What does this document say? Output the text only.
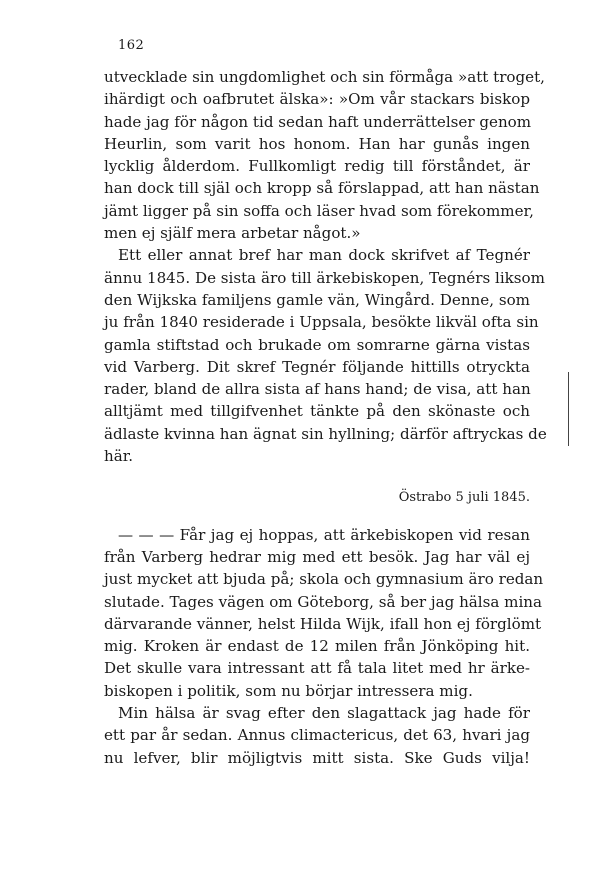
162
utvecklade sin ungdomlighet och sin förmåga »att troget,
ihärdigt och oafbrutet älska»: »Om vår stackars biskop
hade jag för någon tid sedan haft underrättelser genom
Heurlin, som varit hos honom. Han har gunås ingen
lycklig ålderdom. Fullkomligt redig till förståndet, är
han dock till själ och kropp så förslappad, att han nästan
jämt ligger på sin soffa och läser hvad som förekommer,
men ej själf mera arbetar något.»
Ett eller annat bref har man dock skrifvet af Tegnér
ännu 1845. De sista äro till ärkebiskopen, Tegnérs liksom
den Wijkska familjens gamle vän, Wingård. Denne, som
ju från 1840 residerade i Uppsala, besökte likväl ofta sin
gamla stiftstad och brukade om somrarne gärna vistas
vid Varberg. Dit skref Tegnér följande hittills otryckta
rader, bland de allra sista af hans hand; de visa, att han
alltjämt med tillgifvenhet tänkte på den skönaste och
ädlaste kvinna han ägnat sin hyllning; därför aftryckas de
här.
Östrabo 5 juli 1845.
— — — Får jag ej hoppas, att ärkebiskopen vid resan
från Varberg hedrar mig med ett besök. Jag har väl ej
just mycket att bjuda på; skola och gymnasium äro redan
slutade. Tages vägen om Göteborg, så ber jag hälsa mina
därvarande vänner, helst Hilda Wijk, ifall hon ej förglömt
mig. Kroken är endast de 12 milen från Jönköping hit.
Det skulle vara intressant att få tala litet med hr ärke-
biskopen i politik, som nu börjar intressera mig.
Min hälsa är svag efter den slagattack jag hade för
ett par år sedan. Annus climactericus, det 63, hvari jag
nu lefver, blir möjligtvis mitt sista. Ske Guds vilja!
